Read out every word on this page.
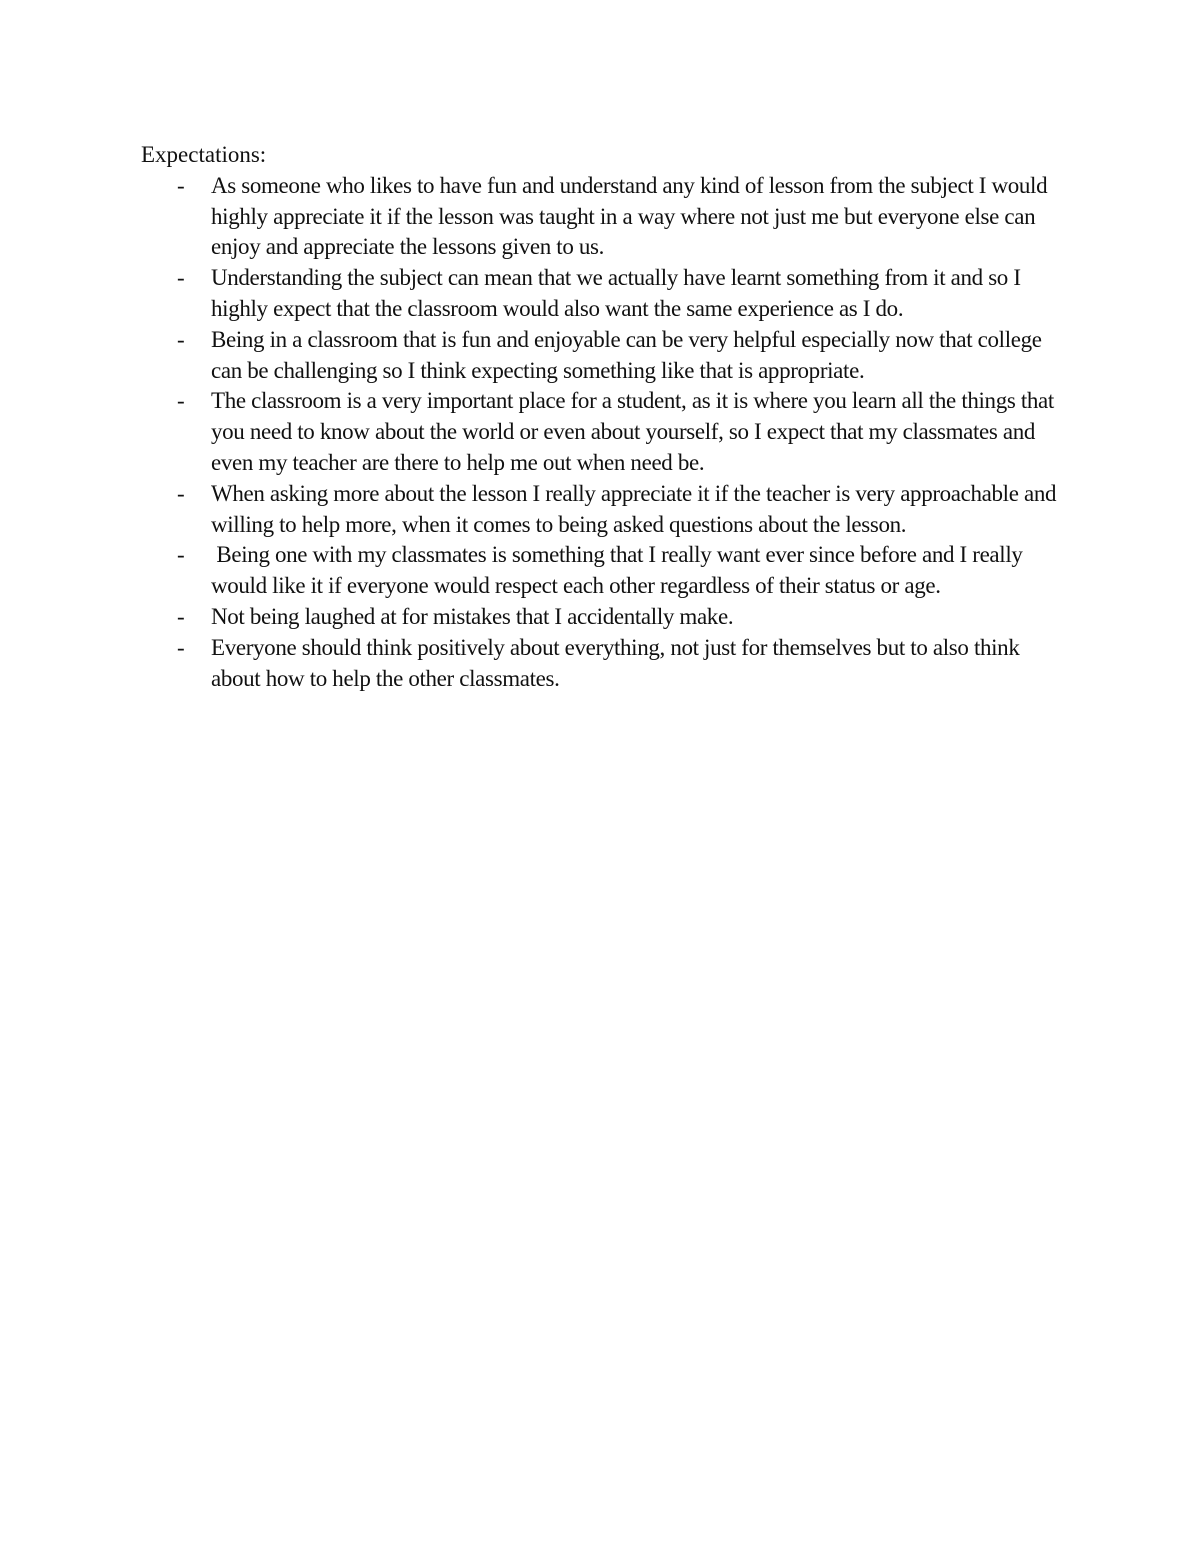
Expectations:

-	As someone who likes to have fun and understand any kind of lesson from the subject I would highly appreciate it if the lesson was taught in a way where not just me but everyone else can enjoy and appreciate the lessons given to us.
-	Understanding the subject can mean that we actually have learnt something from it and so I highly expect that the classroom would also want the same experience as I do.
-	Being in a classroom that is fun and enjoyable can be very helpful especially now that college can be challenging so I think expecting something like that is appropriate.
-	The classroom is a very important place for a student, as it is where you learn all the things that you need to know about the world or even about yourself, so I expect that my classmates and even my teacher are there to help me out when need be.
-	When asking more about the lesson I really appreciate it if the teacher is very approachable and willing to help more, when it comes to being asked questions about the lesson.
-	Being one with my classmates is something that I really want ever since before and I really would like it if everyone would respect each other regardless of their status or age.
-	Not being laughed at for mistakes that I accidentally make.
-	Everyone should think positively about everything, not just for themselves but to also think about how to help the other classmates.
